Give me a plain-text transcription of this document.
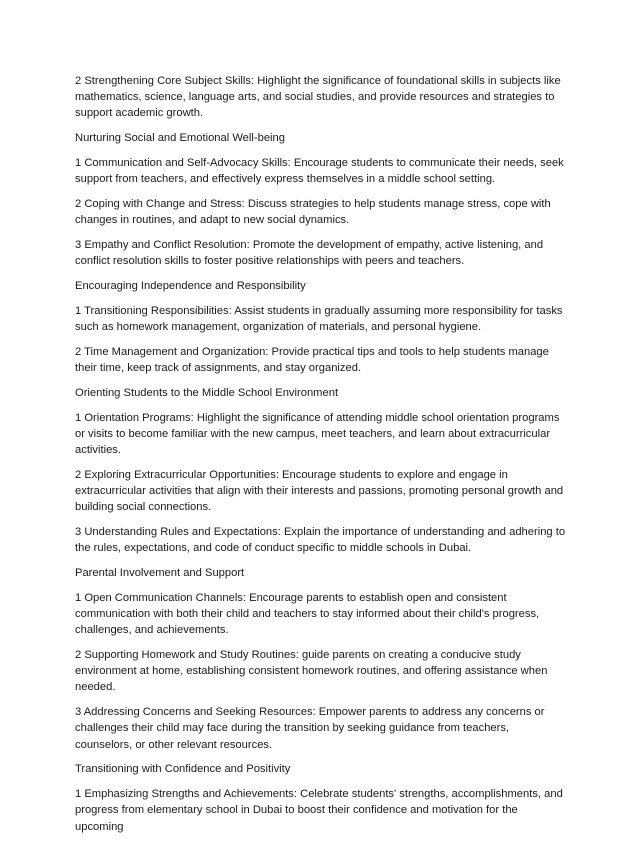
2 Strengthening Core Subject Skills: Highlight the significance of foundational skills in subjects like mathematics, science, language arts, and social studies, and provide resources and strategies to support academic growth.

Nurturing Social and Emotional Well-being

1 Communication and Self-Advocacy Skills: Encourage students to communicate their needs, seek support from teachers, and effectively express themselves in a middle school setting.

2 Coping with Change and Stress: Discuss strategies to help students manage stress, cope with changes in routines, and adapt to new social dynamics.

3 Empathy and Conflict Resolution: Promote the development of empathy, active listening, and conflict resolution skills to foster positive relationships with peers and teachers.

Encouraging Independence and Responsibility

1 Transitioning Responsibilities: Assist students in gradually assuming more responsibility for tasks such as homework management, organization of materials, and personal hygiene.

2 Time Management and Organization: Provide practical tips and tools to help students manage their time, keep track of assignments, and stay organized.

Orienting Students to the Middle School Environment

1 Orientation Programs: Highlight the significance of attending middle school orientation programs or visits to become familiar with the new campus, meet teachers, and learn about extracurricular activities.

2 Exploring Extracurricular Opportunities: Encourage students to explore and engage in extracurricular activities that align with their interests and passions, promoting personal growth and building social connections.

3 Understanding Rules and Expectations: Explain the importance of understanding and adhering to the rules, expectations, and code of conduct specific to middle schools in Dubai.

Parental Involvement and Support

1 Open Communication Channels: Encourage parents to establish open and consistent communication with both their child and teachers to stay informed about their child's progress, challenges, and achievements.

2 Supporting Homework and Study Routines: guide parents on creating a conducive study environment at home, establishing consistent homework routines, and offering assistance when needed.

3 Addressing Concerns and Seeking Resources: Empower parents to address any concerns or challenges their child may face during the transition by seeking guidance from teachers, counselors, or other relevant resources.

Transitioning with Confidence and Positivity

1 Emphasizing Strengths and Achievements: Celebrate students' strengths, accomplishments, and progress from elementary school in Dubai to boost their confidence and motivation for the upcoming
